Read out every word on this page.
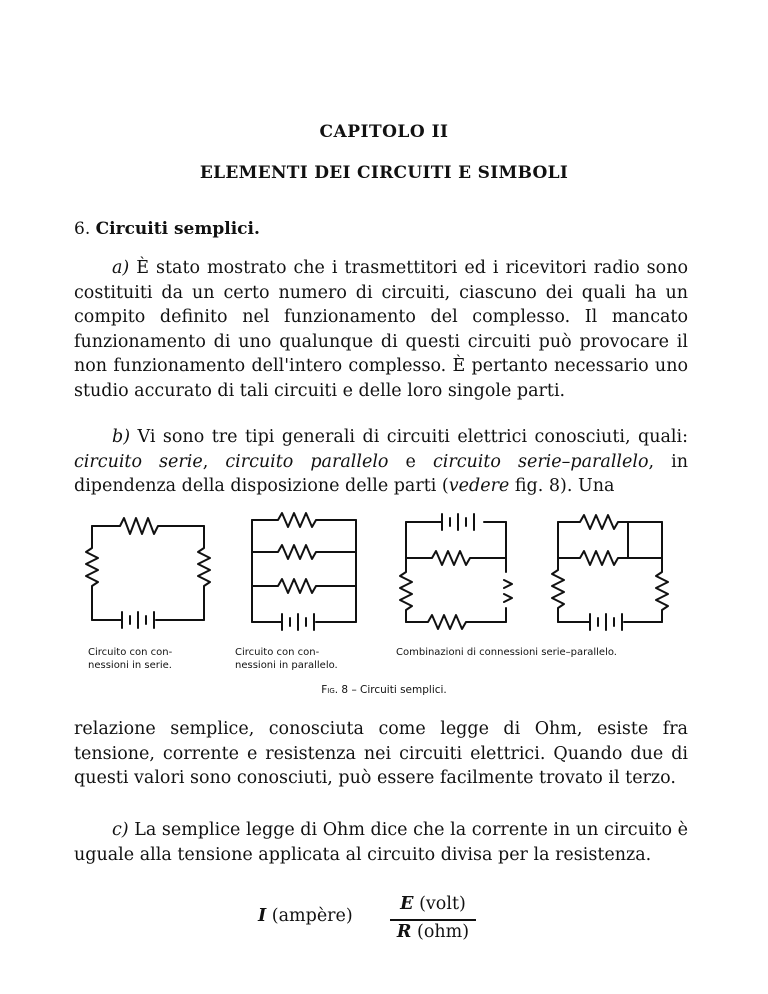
CAPITOLO II
ELEMENTI DEI CIRCUITI E SIMBOLI
6. Circuiti semplici.
a) È stato mostrato che i trasmettitori ed i ricevitori radio sono costituiti da un certo numero di circuiti, ciascuno dei quali ha un compito definito nel funzionamento del complesso. Il mancato funzionamento di uno qualunque di questi circuiti può provocare il non funzionamento dell'intero complesso. È pertanto necessario uno studio accurato di tali circuiti e delle loro singole parti.
b) Vi sono tre tipi generali di circuiti elettrici conosciuti, quali: circuito serie, circuito parallelo e circuito serie–parallelo, in dipendenza della disposizione delle parti (vedere fig. 8). Una
Circuito con con-
nessioni in serie.
Circuito con con-
nessioni in parallelo.
Combinazioni di connessioni serie–parallelo.
Fig. 8 – Circuiti semplici.
relazione semplice, conosciuta come legge di Ohm, esiste fra tensione, corrente e resistenza nei circuiti elettrici. Quando due di questi valori sono conosciuti, può essere facilmente trovato il terzo.
c) La semplice legge di Ohm dice che la corrente in un circuito è uguale alla tensione applicata al circuito divisa per la resistenza.
I (ampère)
E (volt)
R (ohm)
